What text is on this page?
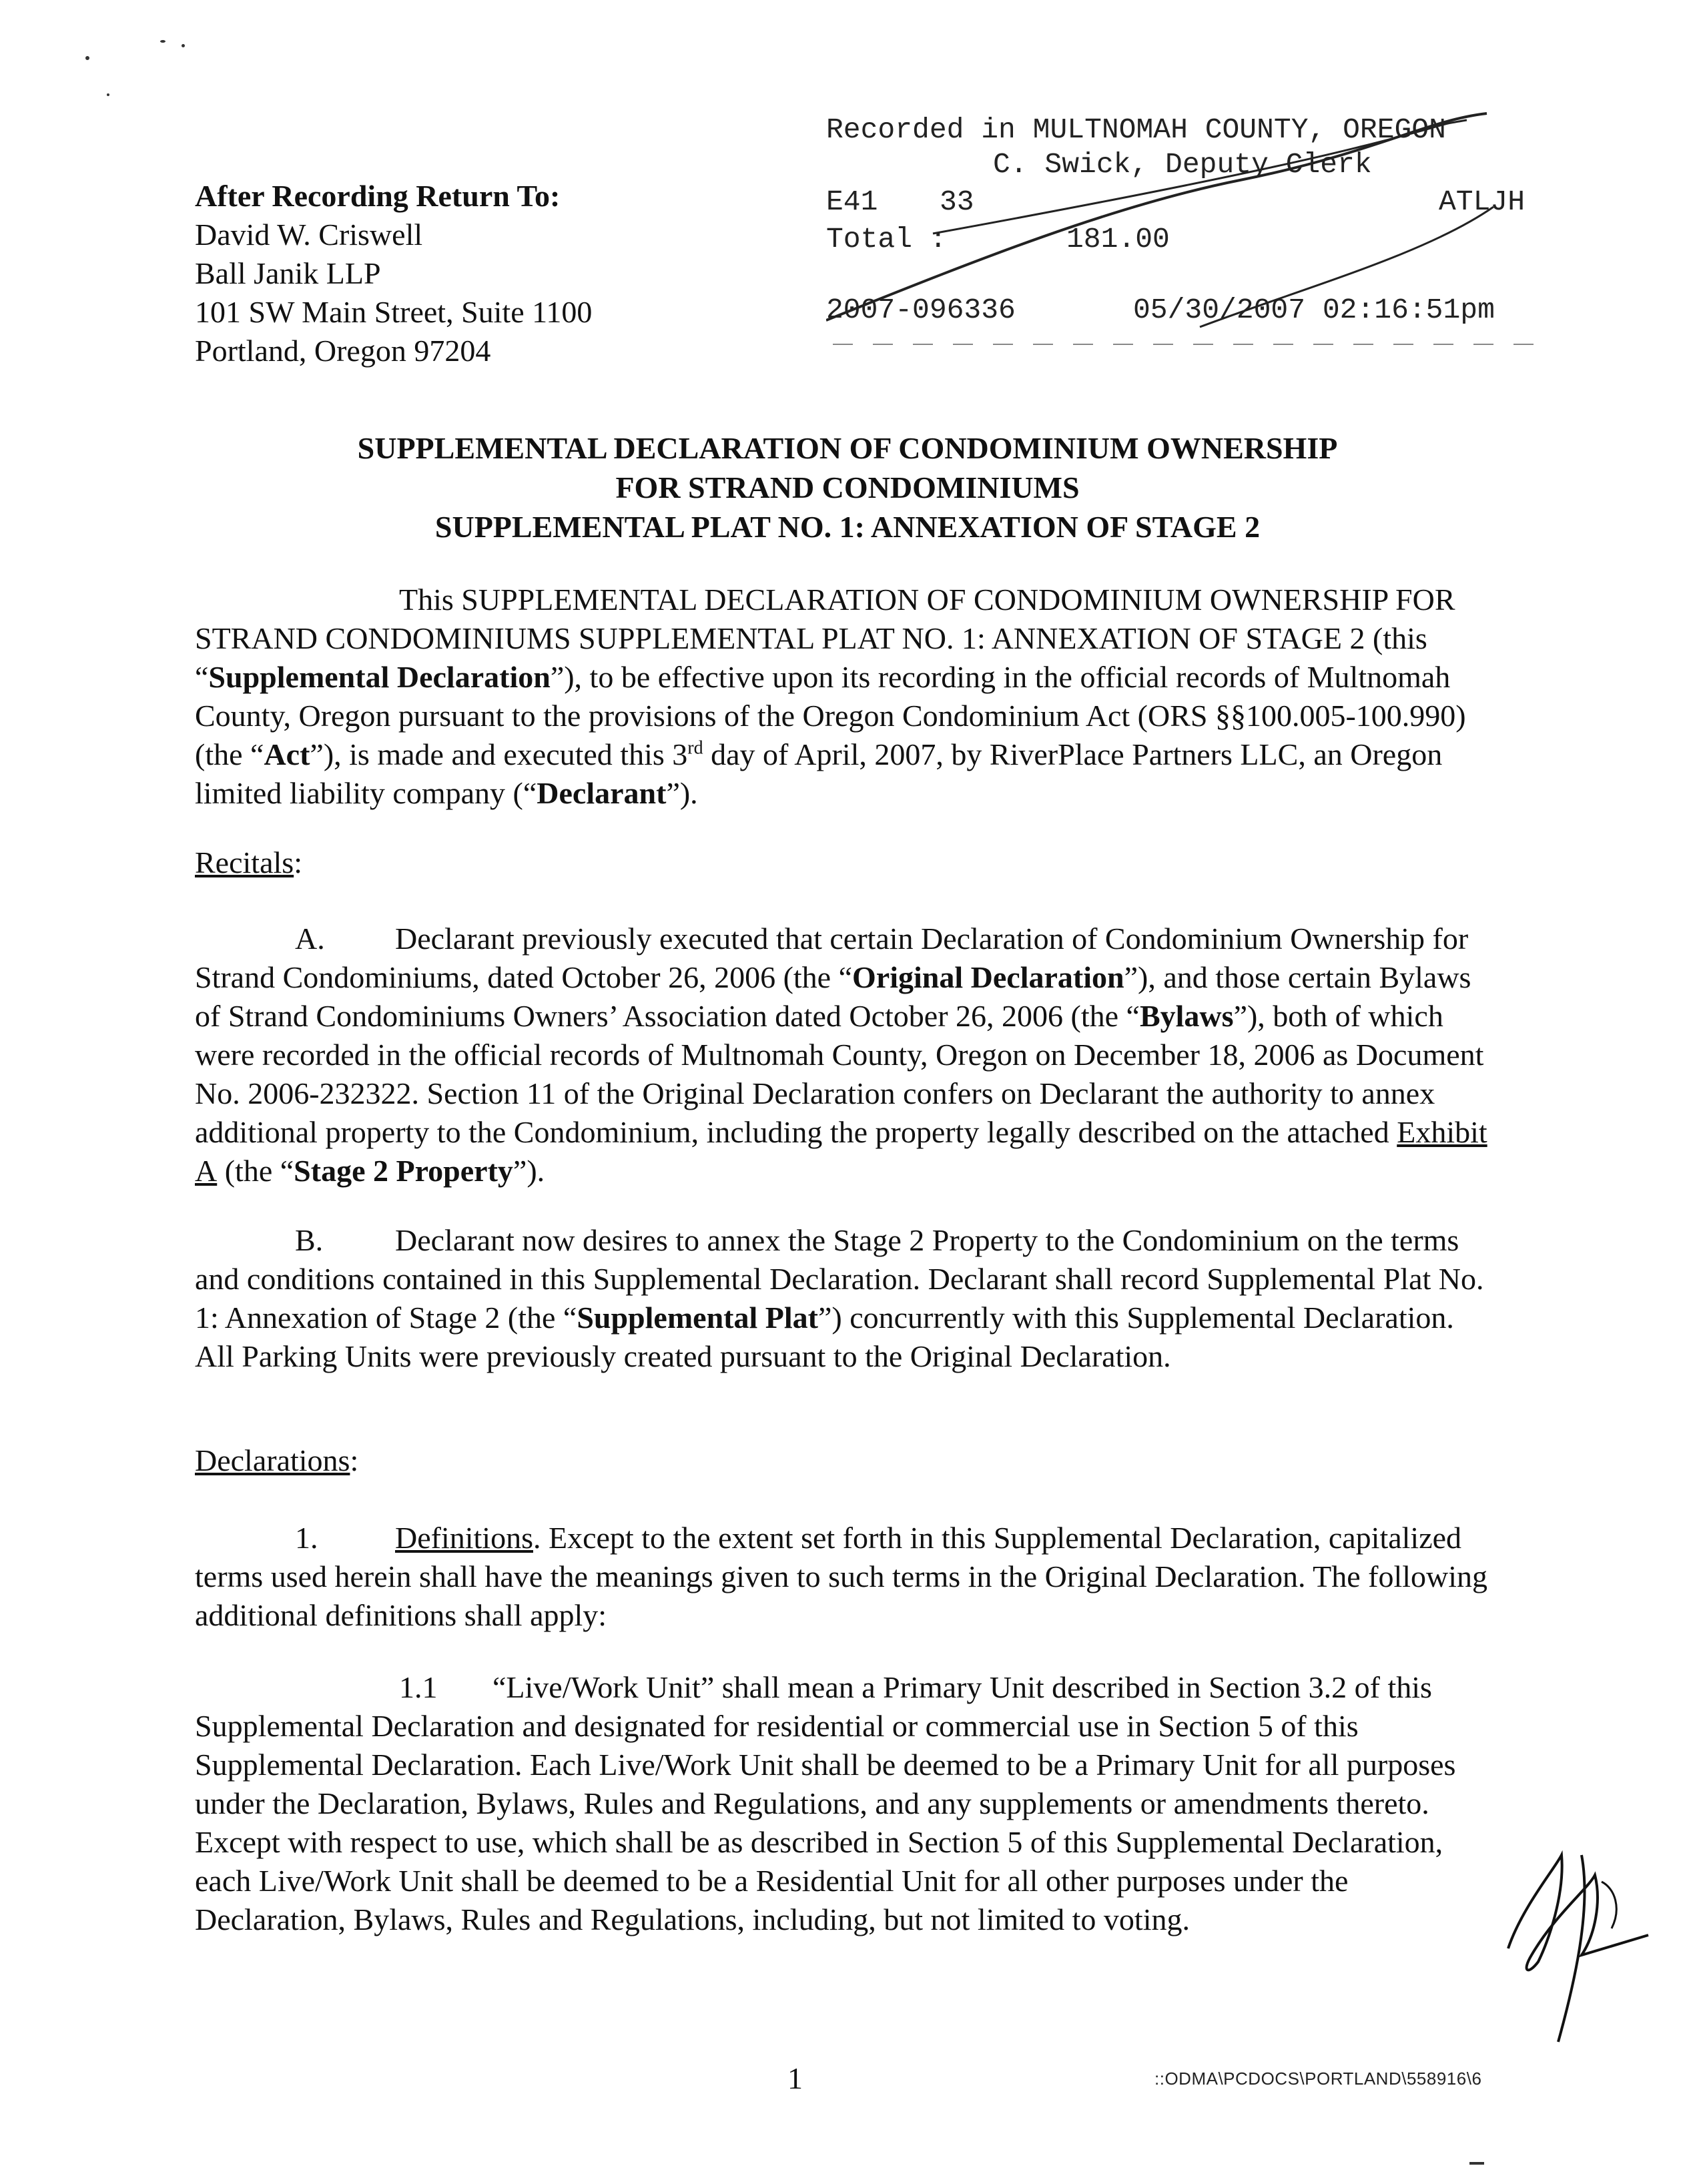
After Recording Return To:
David W. Criswell
Ball Janik LLP
101 SW Main Street, Suite 1100
Portland, Oregon 97204
Recorded in MULTNOMAH COUNTY, OREGON
C. Swick, Deputy Clerk
E41 33	ATLJH
Total :	181.00
2007-096336	05/30/2007 02:16:51pm
SUPPLEMENTAL DECLARATION OF CONDOMINIUM OWNERSHIP
FOR STRAND CONDOMINIUMS
SUPPLEMENTAL PLAT NO. 1: ANNEXATION OF STAGE 2

This SUPPLEMENTAL DECLARATION OF CONDOMINIUM OWNERSHIP FOR STRAND CONDOMINIUMS SUPPLEMENTAL PLAT NO. 1: ANNEXATION OF STAGE 2 (this “Supplemental Declaration”), to be effective upon its recording in the official records of Multnomah County, Oregon pursuant to the provisions of the Oregon Condominium Act (ORS §§100.005-100.990) (the “Act”), is made and executed this 3rd day of April, 2007, by RiverPlace Partners LLC, an Oregon limited liability company (“Declarant”).

Recitals:

A. Declarant previously executed that certain Declaration of Condominium Ownership for Strand Condominiums, dated October 26, 2006 (the “Original Declaration”), and those certain Bylaws of Strand Condominiums Owners’ Association dated October 26, 2006 (the “Bylaws”), both of which were recorded in the official records of Multnomah County, Oregon on December 18, 2006 as Document No. 2006-232322. Section 11 of the Original Declaration confers on Declarant the authority to annex additional property to the Condominium, including the property legally described on the attached Exhibit A (the “Stage 2 Property”).

B. Declarant now desires to annex the Stage 2 Property to the Condominium on the terms and conditions contained in this Supplemental Declaration. Declarant shall record Supplemental Plat No. 1: Annexation of Stage 2 (the “Supplemental Plat”) concurrently with this Supplemental Declaration. All Parking Units were previously created pursuant to the Original Declaration.

Declarations:

1.	Definitions. Except to the extent set forth in this Supplemental Declaration, capitalized terms used herein shall have the meanings given to such terms in the Original Declaration. The following additional definitions shall apply:

1.1 “Live/Work Unit” shall mean a Primary Unit described in Section 3.2 of this Supplemental Declaration and designated for residential or commercial use in Section 5 of this Supplemental Declaration. Each Live/Work Unit shall be deemed to be a Primary Unit for all purposes under the Declaration, Bylaws, Rules and Regulations, and any supplements or amendments thereto. Except with respect to use, which shall be as described in Section 5 of this Supplemental Declaration, each Live/Work Unit shall be deemed to be a Residential Unit for all other purposes under the Declaration, Bylaws, Rules and Regulations, including, but not limited to voting.

1	::ODMA\PCDOCS\PORTLAND\558916\6
